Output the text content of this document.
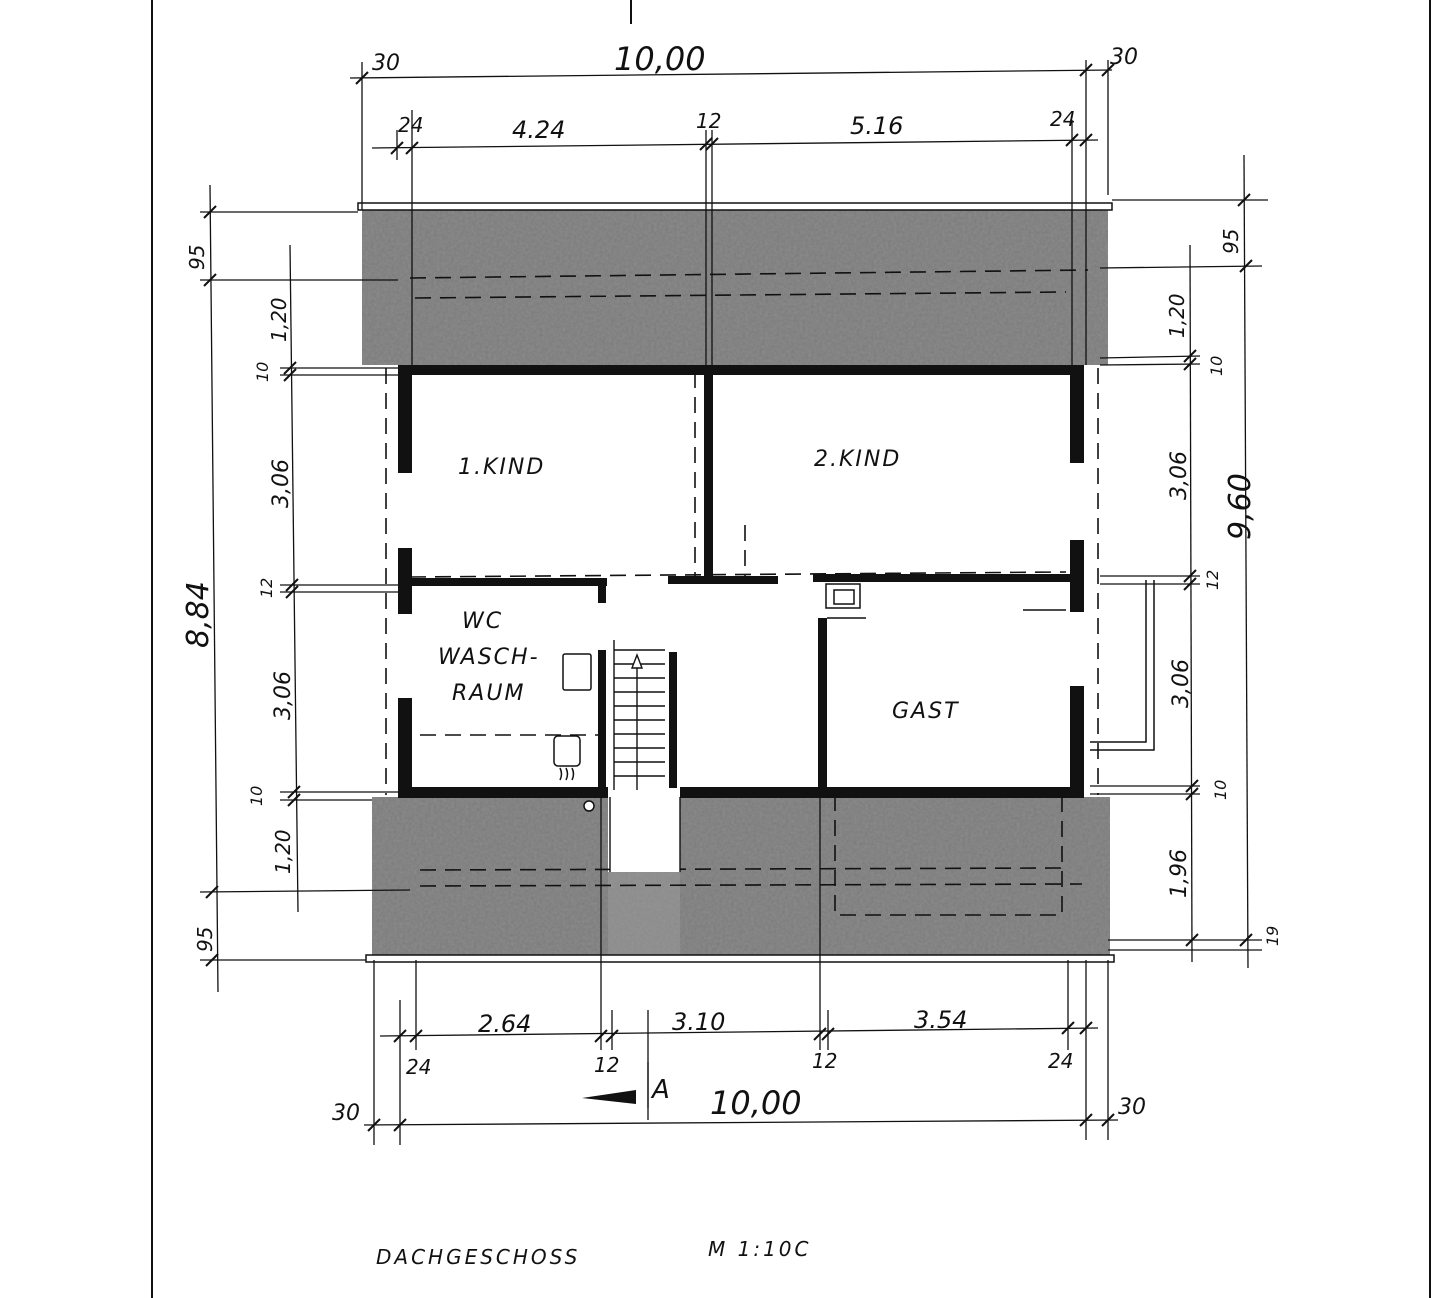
1.KIND	2.KIND
WC
WASCH-
RAUM
GAST
30	10,00	30
24	4.24	12	5.16	24
2.64	3.10	3.54
24	12	12	24
30	10,00	30
A
95
1,20
10
3,06
12
8,84
3,06
10
1,20
95
95
1,20
10
3,06 9,60
12
3,06
10
1,96
19
DACHGESCHOSS	M 1:10C
